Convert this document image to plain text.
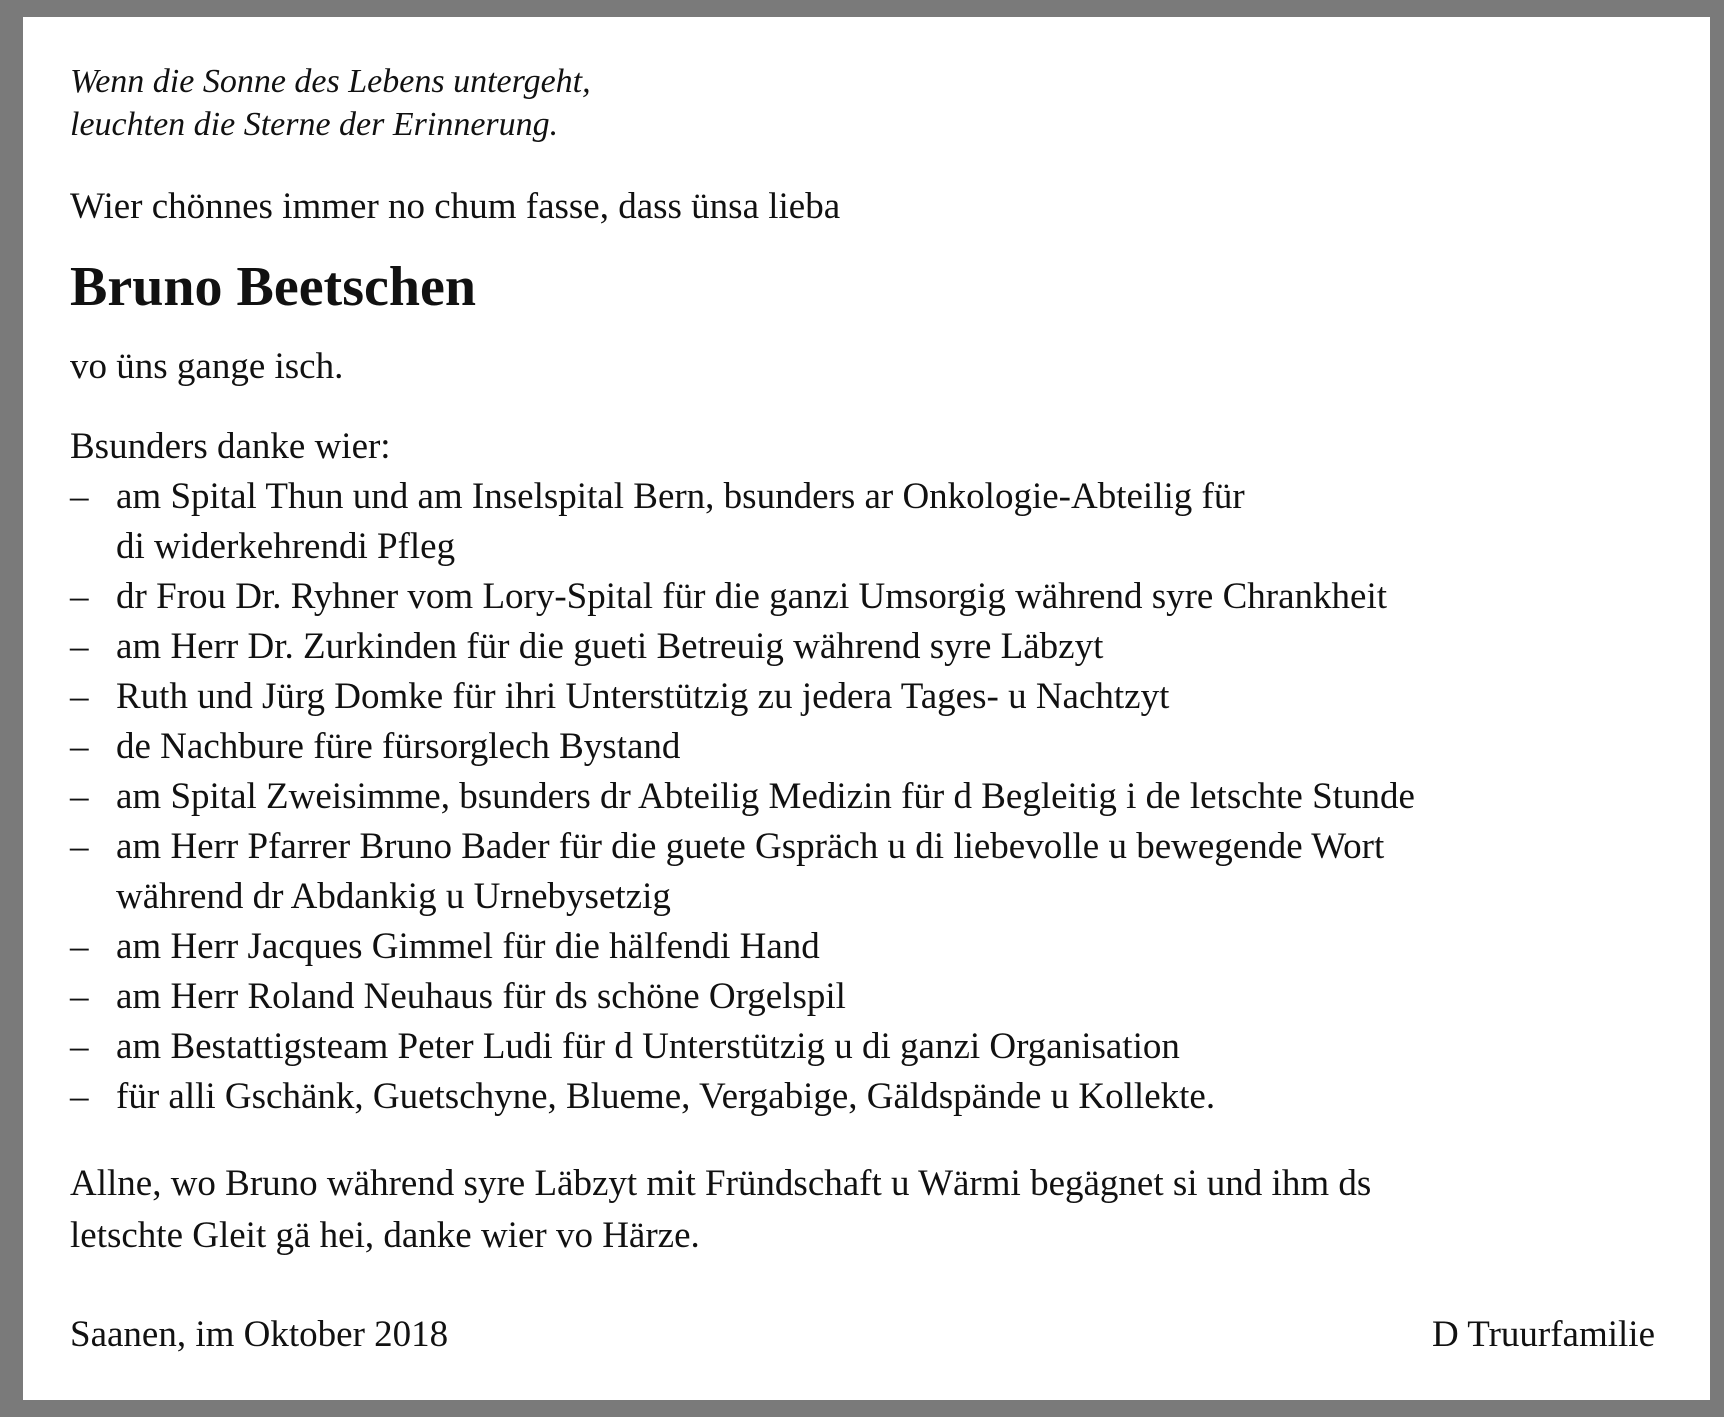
Wenn die Sonne des Lebens untergeht,
leuchten die Sterne der Erinnerung.

Wier chönnes immer no chum fasse, dass ünsa lieba

Bruno Beetschen

vo üns gange isch.

Bsunders danke wier:

– am Spital Thun und am Inselspital Bern, bsunders ar Onkologie-Abteilig für
di widerkehrendi Pfleg
– dr Frou Dr. Ryhner vom Lory-Spital für die ganzi Umsorgig während syre Chrankheit
– am Herr Dr. Zurkinden für die gueti Betreuig während syre Läbzyt
– Ruth und Jürg Domke für ihri Unterstützig zu jedera Tages- u Nachtzyt
– de Nachbure füre fürsorglech Bystand
– am Spital Zweisimme, bsunders dr Abteilig Medizin für d Begleitig i de letschte Stunde
– am Herr Pfarrer Bruno Bader für die guete Gspräch u di liebevolle u bewegende Wort
während dr Abdankig u Urnebysetzig
– am Herr Jacques Gimmel für die hälfendi Hand
– am Herr Roland Neuhaus für ds schöne Orgelspil
– am Bestattigsteam Peter Ludi für d Unterstützig u di ganzi Organisation
– für alli Gschänk, Guetschyne, Blueme, Vergabige, Gäldspände u Kollekte.

Allne, wo Bruno während syre Läbzyt mit Fründschaft u Wärmi begägnet si und ihm ds
letschte Gleit gä hei, danke wier vo Härze.

Saanen, im Oktober 2018	D Truurfamilie
